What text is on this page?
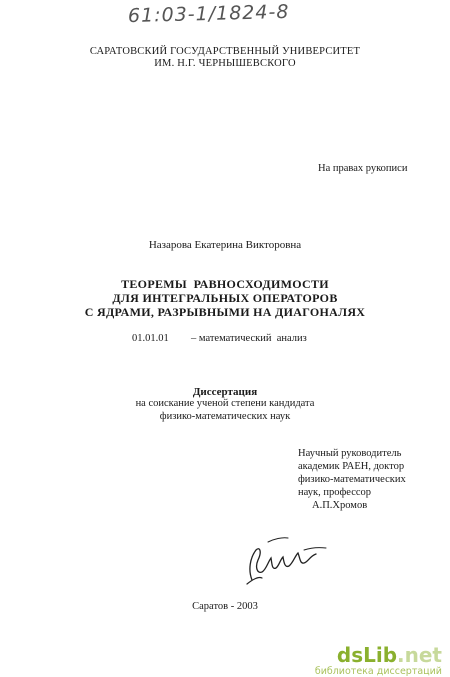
61:03-1/1824-8
САРАТОВСКИЙ ГОСУДАРСТВЕННЫЙ УНИВЕРСИТЕТ
ИМ. Н.Г. ЧЕРНЫШЕВСКОГО
На правах рукописи
Назарова Екатерина Викторовна
ТЕОРЕМЫ  РАВНОСХОДИМОСТИ
ДЛЯ ИНТЕГРАЛЬНЫХ ОПЕРАТОРОВ
С ЯДРАМИ, РАЗРЫВНЫМИ НА ДИАГОНАЛЯХ
01.01.01 – математический  анализ
Диссертация
на соискание ученой степени кандидата
физико-математических наук
Научный руководитель
академик РАЕН, доктор
физико-математических
наук, профессор
А.П.Хромов
Саратов - 2003
dsLib.net
библиотека диссертаций
